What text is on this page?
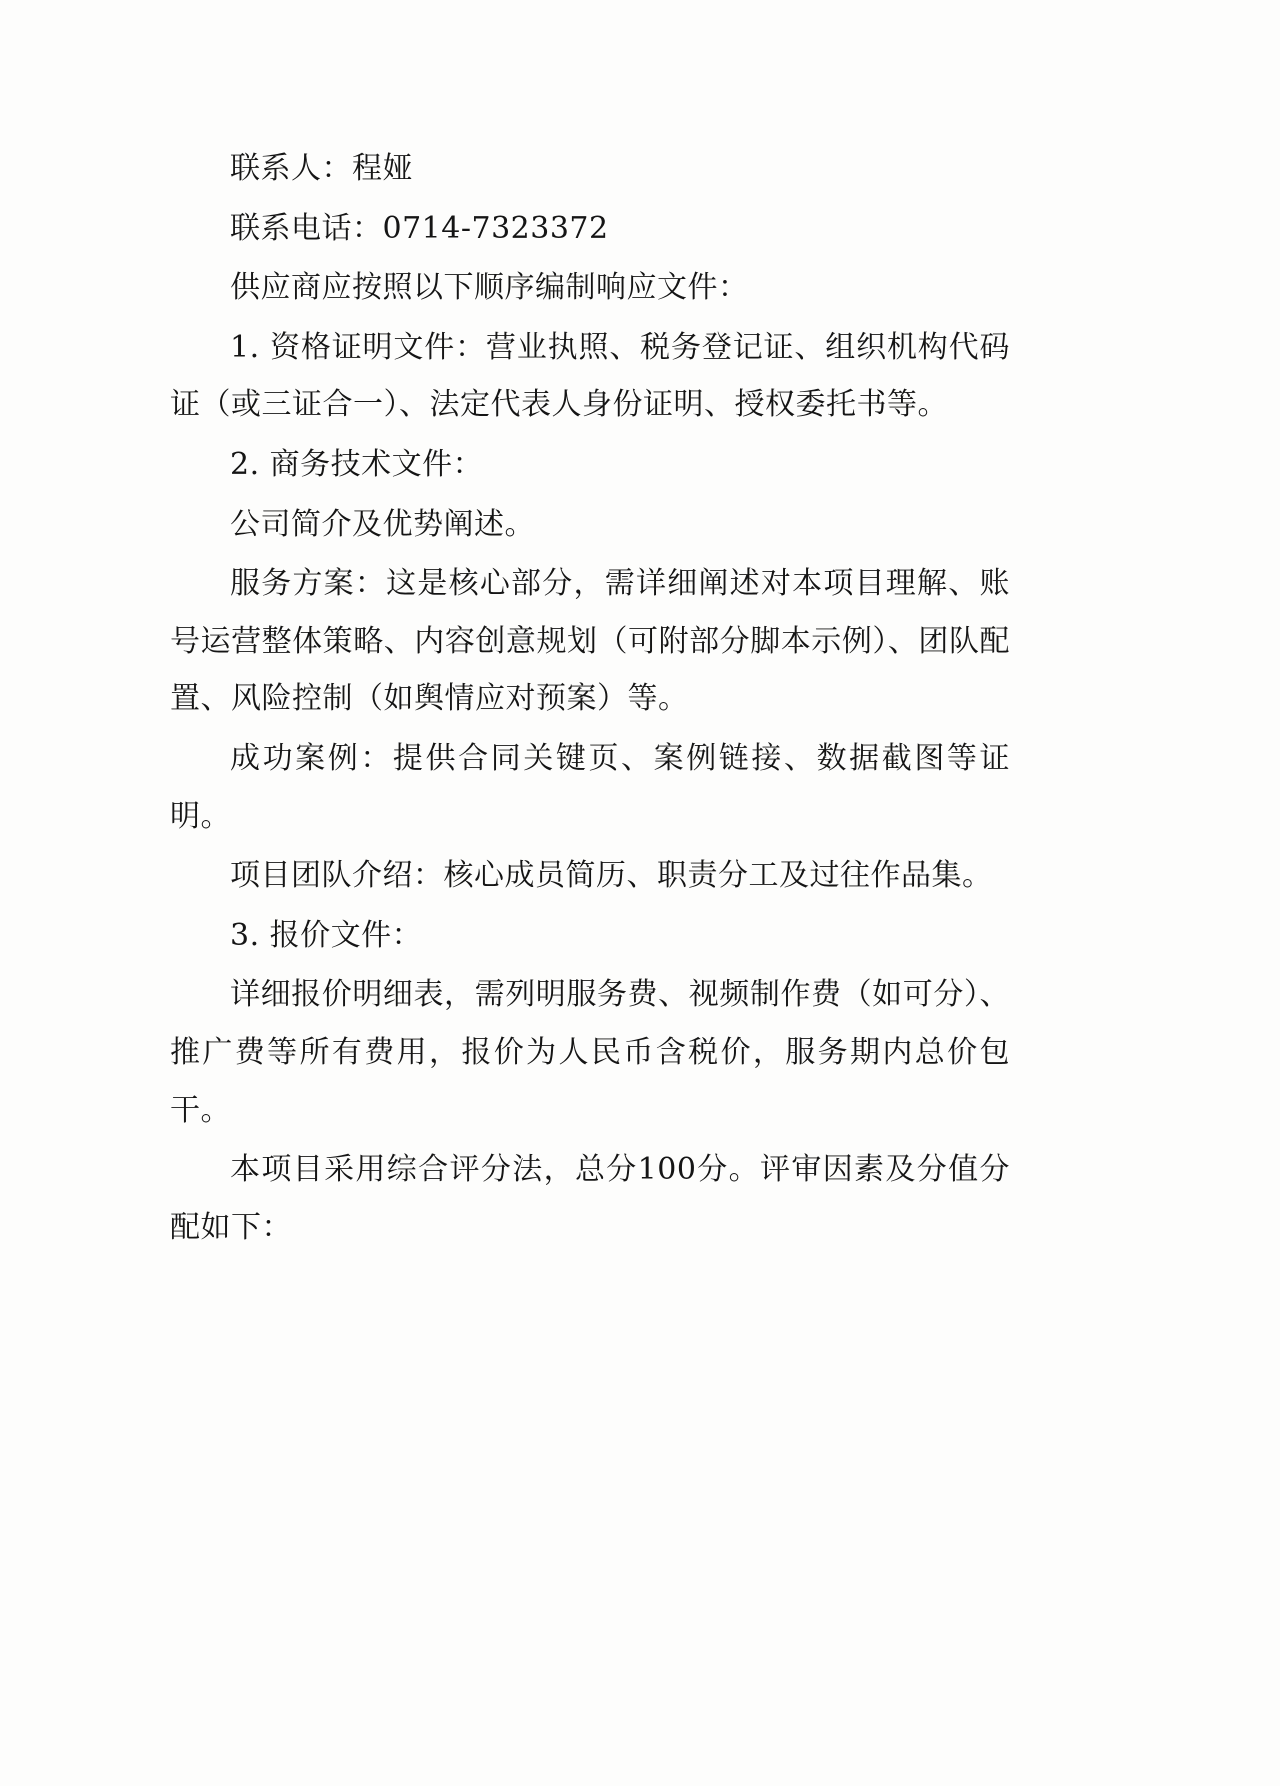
联系人：程娅

联系电话：0714-7323372

供应商应按照以下顺序编制响应文件：

1. 资格证明文件：营业执照、税务登记证、组织机构代码证（或三证合一）、法定代表人身份证明、授权委托书等。

2. 商务技术文件：

公司简介及优势阐述。

服务方案：这是核心部分，需详细阐述对本项目理解、账号运营整体策略、内容创意规划（可附部分脚本示例）、团队配置、风险控制（如舆情应对预案）等。

成功案例：提供合同关键页、案例链接、数据截图等证明。

项目团队介绍：核心成员简历、职责分工及过往作品集。

3. 报价文件：

详细报价明细表，需列明服务费、视频制作费（如可分）、推广费等所有费用，报价为人民币含税价，服务期内总价包干。

本项目采用综合评分法，总分100分。评审因素及分值分配如下：
